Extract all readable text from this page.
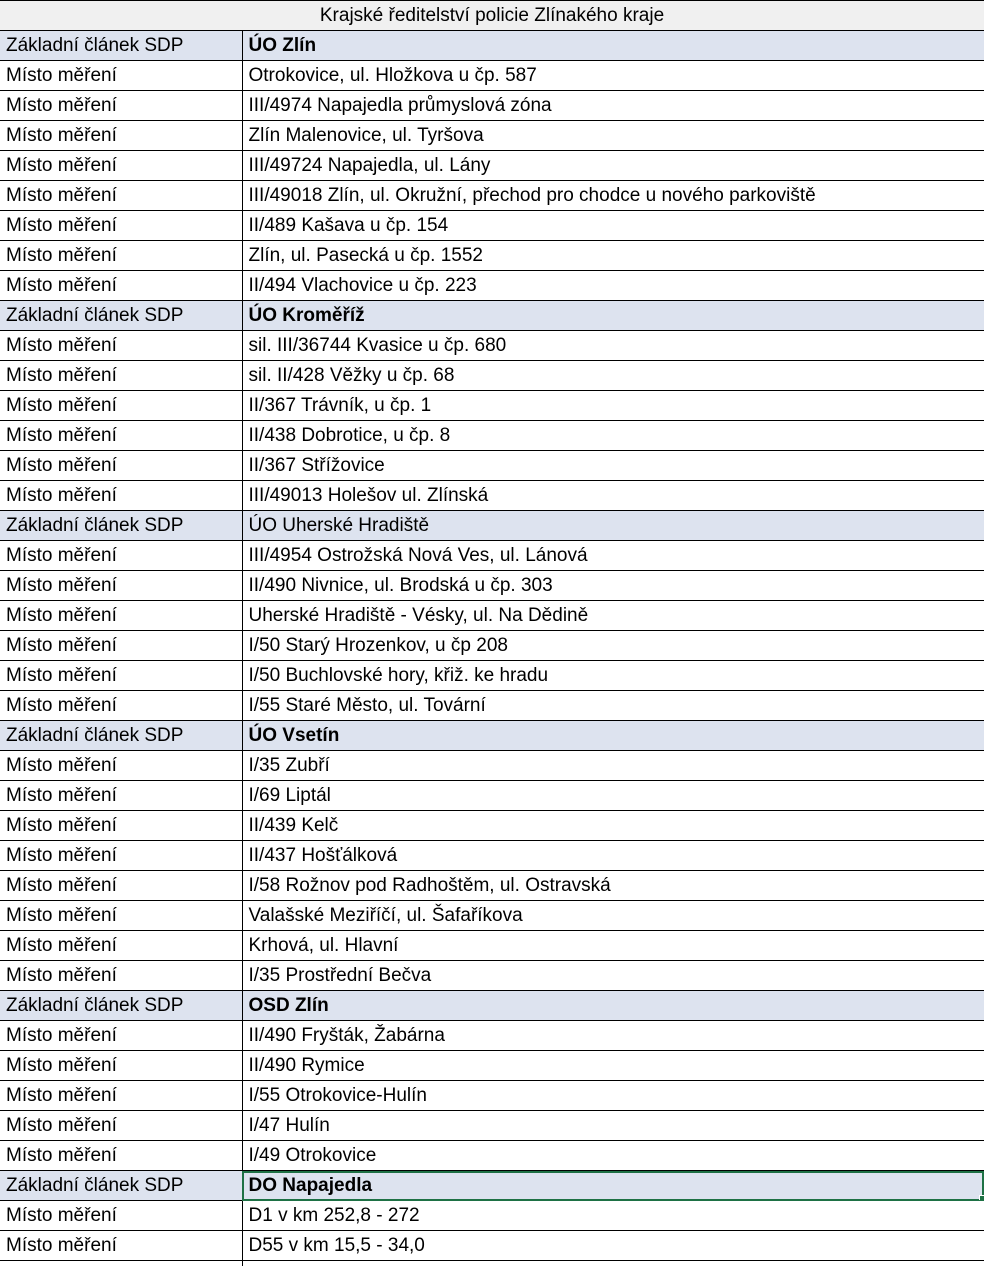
Krajské ředitelství policie Zlínakého kraje	
Základní článek SDP	ÚO Zlín
Místo měření	Otrokovice, ul. Hložkova u čp. 587
Místo měření	III/4974 Napajedla průmyslová zóna
Místo měření	Zlín Malenovice, ul. Tyršova
Místo měření	III/49724 Napajedla, ul. Lány
Místo měření	III/49018 Zlín, ul. Okružní, přechod pro chodce u nového parkoviště
Místo měření	II/489 Kašava u čp. 154
Místo měření	Zlín, ul. Pasecká u čp. 1552
Místo měření	II/494 Vlachovice u čp. 223
Základní článek SDP	ÚO Kroměříž
Místo měření	sil. III/36744 Kvasice u čp. 680
Místo měření	sil. II/428 Věžky u čp. 68
Místo měření	II/367 Trávník, u čp. 1
Místo měření	II/438 Dobrotice, u čp. 8
Místo měření	II/367 Střížovice
Místo měření	III/49013 Holešov ul. Zlínská
Základní článek SDP	ÚO Uherské Hradiště
Místo měření	III/4954 Ostrožská Nová Ves, ul. Lánová
Místo měření	II/490 Nivnice, ul. Brodská u čp. 303
Místo měření	Uherské Hradiště - Vésky, ul. Na Dědině
Místo měření	I/50 Starý Hrozenkov, u čp 208
Místo měření	I/50 Buchlovské hory, křiž. ke hradu
Místo měření	I/55 Staré Město, ul. Tovární
Základní článek SDP	ÚO Vsetín
Místo měření	I/35 Zubří
Místo měření	I/69 Liptál
Místo měření	II/439 Kelč
Místo měření	II/437 Hošťálková
Místo měření	I/58 Rožnov pod Radhoštěm, ul. Ostravská
Místo měření	Valašské Meziříčí, ul. Šafaříkova
Místo měření	Krhová, ul. Hlavní
Místo měření	I/35 Prostřední Bečva
Základní článek SDP	OSD Zlín
Místo měření	II/490 Fryšták, Žabárna
Místo měření	II/490 Rymice
Místo měření	I/55 Otrokovice-Hulín
Místo měření	I/47 Hulín
Místo měření	I/49 Otrokovice
Základní článek SDP	DO Napajedla

Místo měření	D1 v km 252,8 - 272
Místo měření	D55 v km 15,5 - 34,0
